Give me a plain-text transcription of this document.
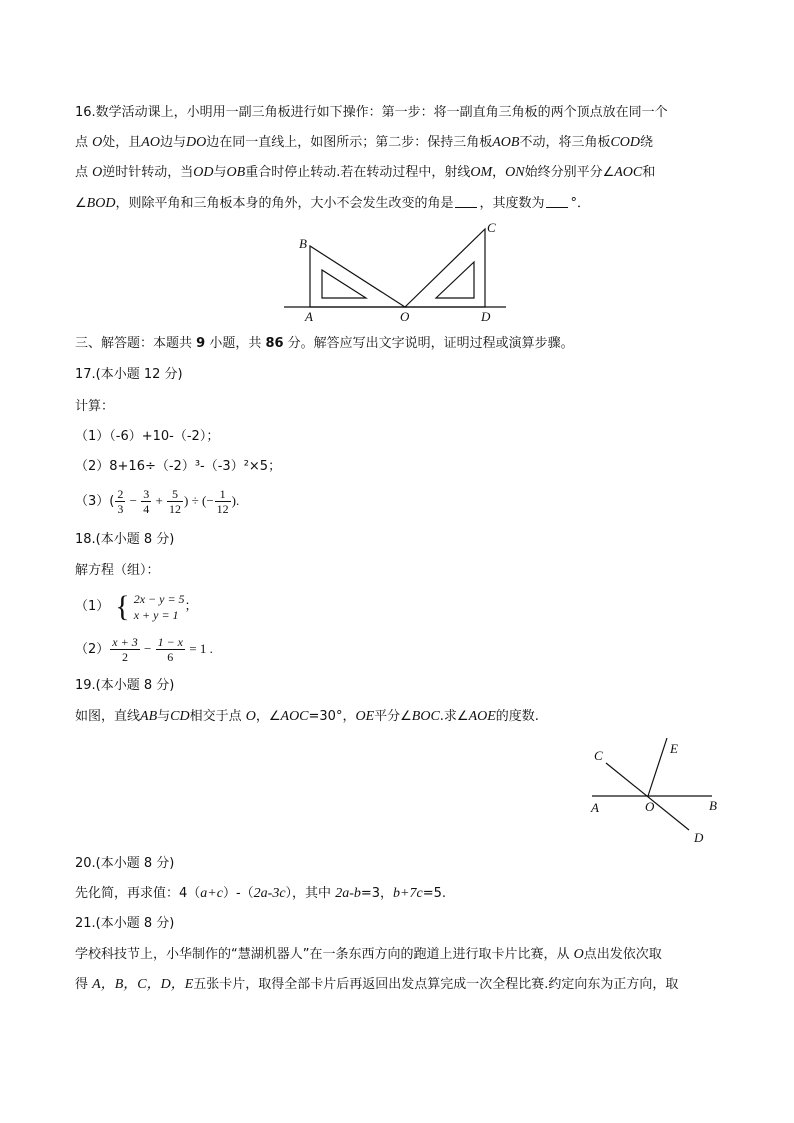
16.数学活动课上，小明用一副三角板进行如下操作：第一步：将一副直角三角板的两个顶点放在同一个
点 O处，且AO边与DO边在同一直线上，如图所示；第二步：保持三角板AOB不动，将三角板COD绕
点 O逆时针转动，当OD与OB重合时停止转动.若在转动过程中，射线OM，ON始终分别平分∠AOC和
∠BOD，则除平角和三角板本身的角外，大小不会发生改变的角是 ，其度数为 °．
B
C
A	O	D
三、解答题：本题共 9 小题，共 86 分。解答应写出文字说明，证明过程或演算步骤。
17.(本小题 12 分)
计算：
（1）（-6）+10-（-2）；
（2）8+16÷（-2）³-（-3）²×5；
$(3)( \frac{2}{3} - \frac{3}{4} + \frac{5}{12}$ ) ÷ (− $\frac{1}{12}$ ).
18.(本小题 8 分)
解方程（组）：
（1） { 2x − y = 5
x + y = 1
；
$(2) \frac{x + 3}{2} - \frac{1 - x}{6} = 1$ .
19.(本小题 8 分)
如图，直线AB与CD相交于点 O，∠AOC=30°，OE平分∠BOC.求∠AOE的度数.
C	E
A	O	B
D
20.(本小题 8 分)
先化简，再求值：4（a+c）-（2a-3c），其中 2a-b=3，b+7c=5.
21.(本小题 8 分)
学校科技节上，小华制作的“慧湖机器人”在一条东西方向的跑道上进行取卡片比赛，从 O点出发依次取
得 A，B，C，D，E五张卡片，取得全部卡片后再返回出发点算完成一次全程比赛.约定向东为正方向，取
